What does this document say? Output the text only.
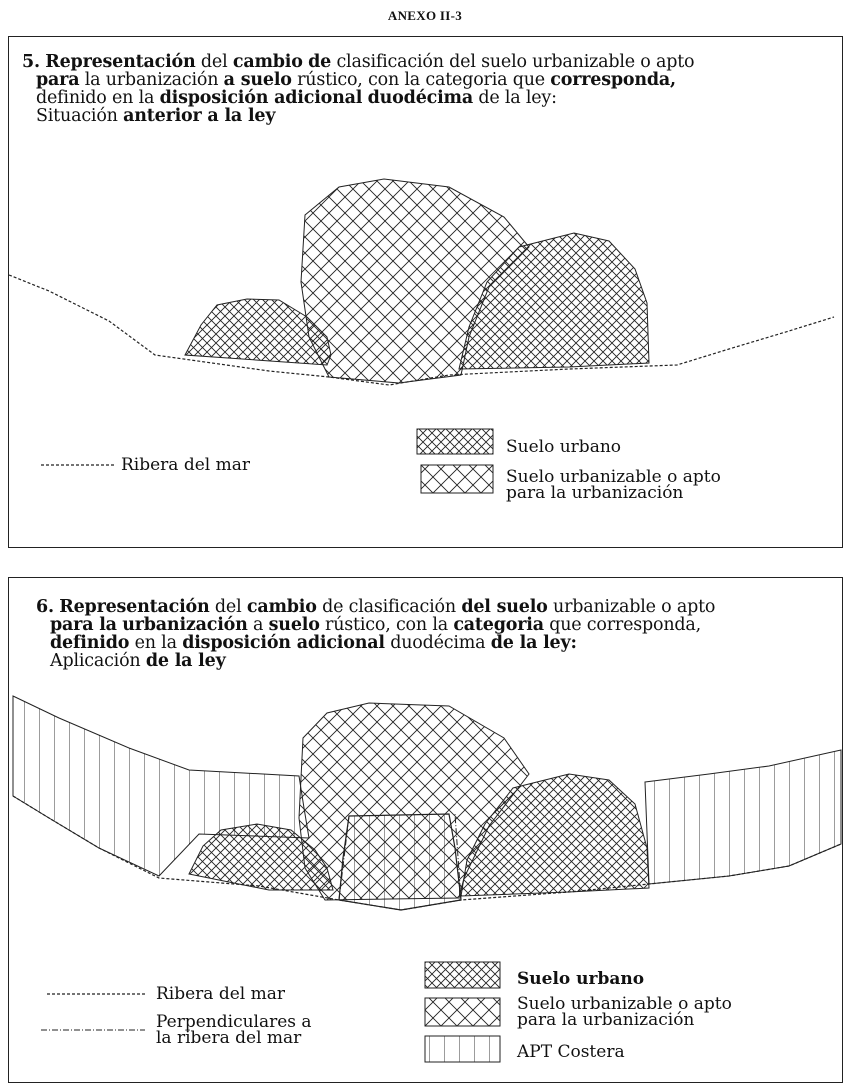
ANEXO II-3
5. Representación del cambio de clasificación del suelo urbanizable o apto
para la urbanización a suelo rústico, con la categoria que corresponda,
definido en la disposición adicional duodécima de la ley:
Situación anterior a la ley
Ribera del mar
Suelo urbano
Suelo urbanizable o apto
para la urbanización
6. Representación del cambio de clasificación del suelo urbanizable o apto
para la urbanización a suelo rústico, con la categoria que corresponda,
definido en la disposición adicional duodécima de la ley:
Aplicación de la ley
Ribera del mar
Perpendiculares a
la ribera del mar
Suelo urbano
Suelo urbanizable o apto
para la urbanización
APT Costera
